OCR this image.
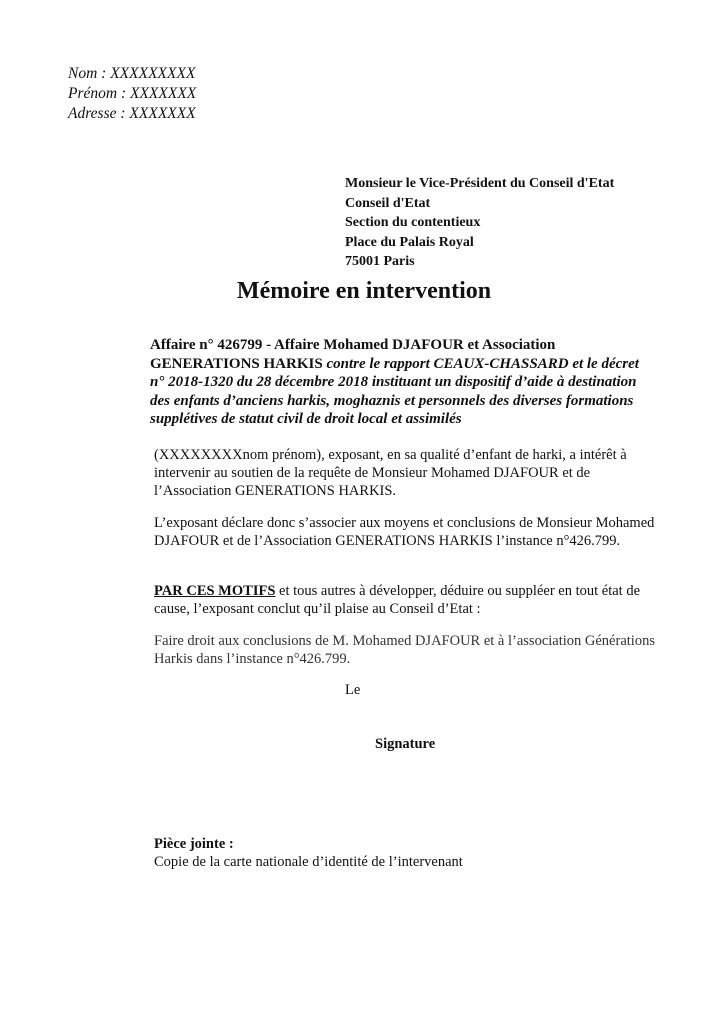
Nom : XXXXXXXXX
Prénom : XXXXXXX
Adresse : XXXXXXX
Monsieur le Vice-Président du Conseil d'Etat
Conseil d'Etat
Section du contentieux
Place du Palais Royal
75001 Paris
Mémoire en intervention
Affaire n° 426799 - Affaire Mohamed DJAFOUR et Association GENERATIONS HARKIS contre le rapport CEAUX-CHASSARD et le décret n° 2018-1320 du 28 décembre 2018 instituant un dispositif d’aide à destination des enfants d’anciens harkis, moghaznis et personnels des diverses formations supplétives de statut civil de droit local et assimilés

(XXXXXXXXnom prénom), exposant, en sa qualité d’enfant de harki, a intérêt à intervenir au soutien de la requête de Monsieur Mohamed DJAFOUR et de l’Association GENERATIONS HARKIS.

L’exposant déclare donc s’associer aux moyens et conclusions de Monsieur Mohamed DJAFOUR et de l’Association GENERATIONS HARKIS l’instance n°426.799.

PAR CES MOTIFS et tous autres à développer, déduire ou suppléer en tout état de cause, l’exposant conclut qu’il plaise au Conseil d’Etat :

Faire droit aux conclusions de M. Mohamed DJAFOUR et à l’association Générations Harkis dans l’instance n°426.799.

Le
Signature
Pièce jointe :
Copie de la carte nationale d’identité de l’intervenant
